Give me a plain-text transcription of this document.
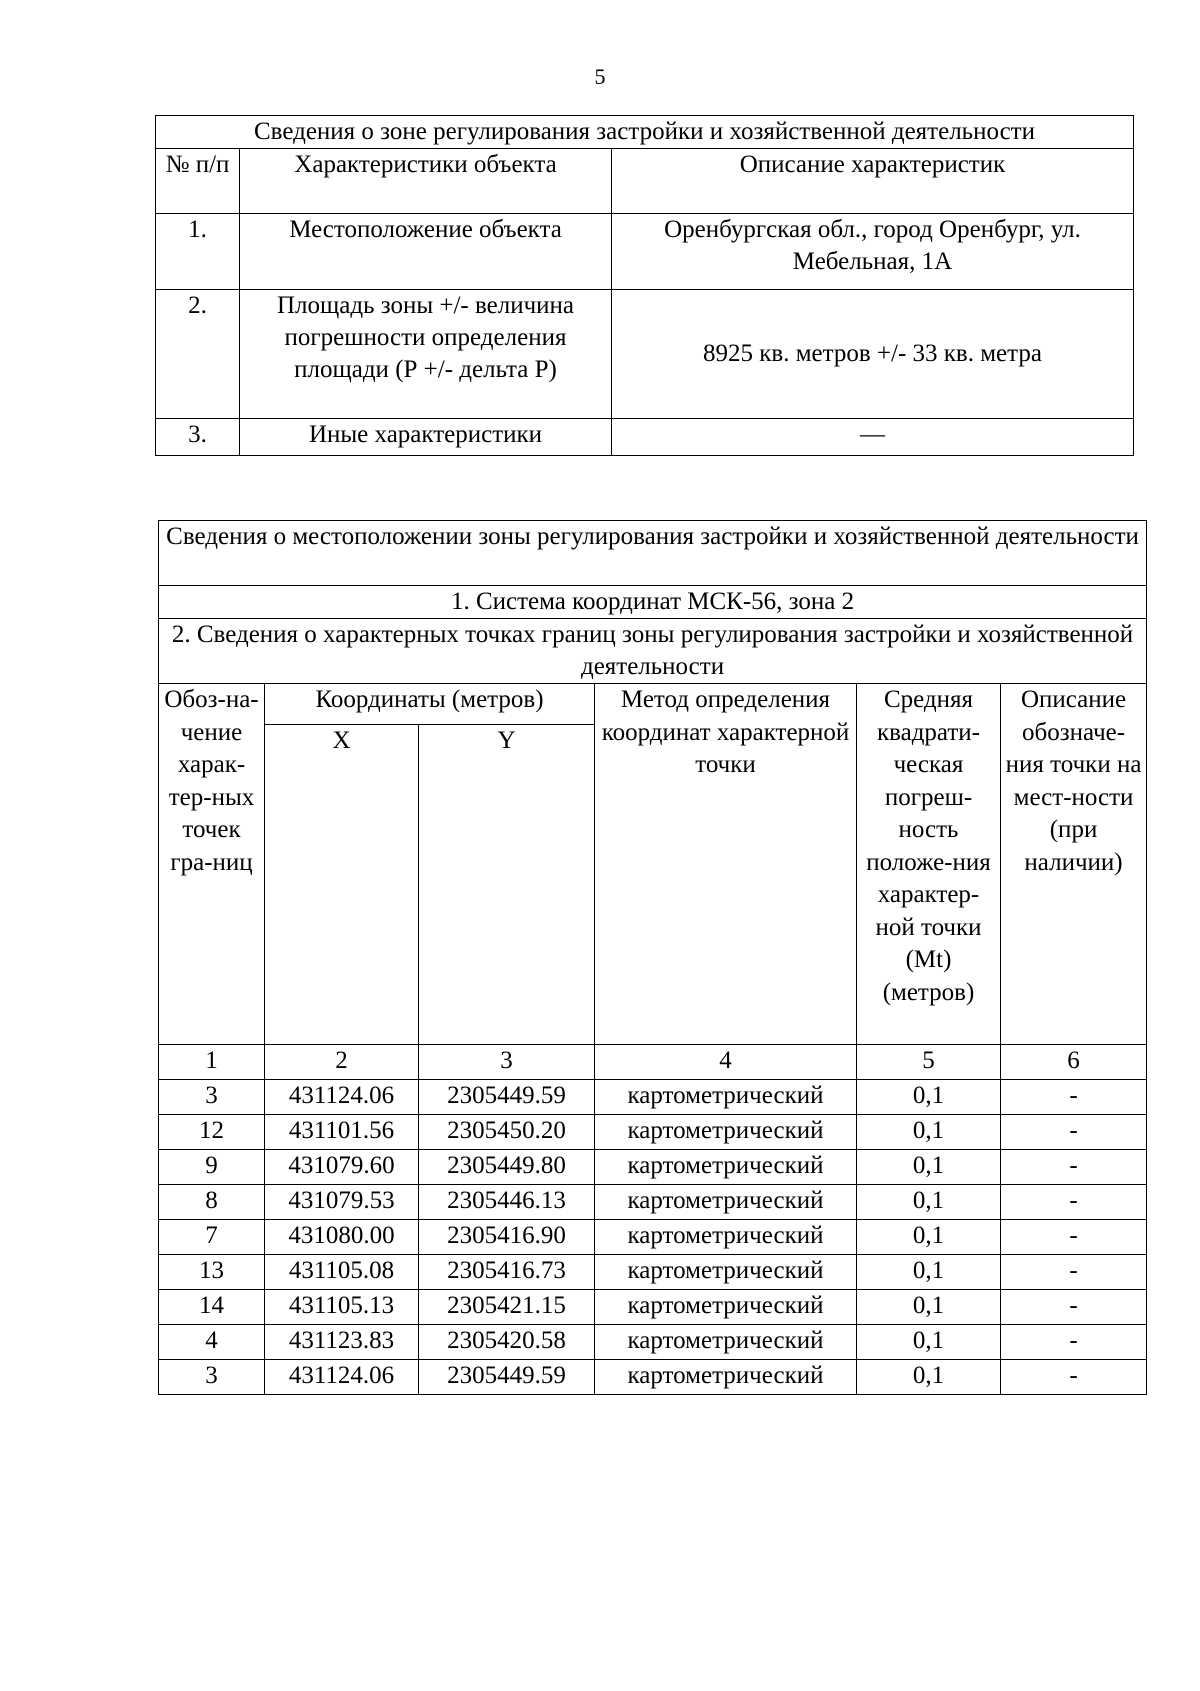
5
Сведения о зоне регулирования застройки и хозяйственной деятельности		
№ п/п	Характеристики объекта	Описание характеристик
1.	Местоположение объекта	Оренбургская обл., город Оренбург, ул. Мебельная, 1А
2.	Площадь зоны +/- величина погрешности определения площади (Р +/- дельта Р)	8925 кв. метров +/- 33 кв. метра
3.	Иные характеристики	—
Сведения о местоположении зоны регулирования застройки и хозяйственной деятельности					
1. Система координат МСК-56, зона 2					
2. Сведения о характерных точках границ зоны регулирования застройки и хозяйственной деятельности					
Обоз-на-чение харак-тер-ных точек гра-ниц	Координаты (метров)		Метод определения координат характерной точки	Средняя квадрати-ческая погреш-ность положе-ния характер-ной точки (Mt) (метров)	Описание обозначе-ния точки на мест-ности (при наличии)
	X	Y			
1	2	3	4	5	6
3	431124.06	2305449.59	картометрический	0,1	-
12	431101.56	2305450.20	картометрический	0,1	-
9	431079.60	2305449.80	картометрический	0,1	-
8	431079.53	2305446.13	картометрический	0,1	-
7	431080.00	2305416.90	картометрический	0,1	-
13	431105.08	2305416.73	картометрический	0,1	-
14	431105.13	2305421.15	картометрический	0,1	-
4	431123.83	2305420.58	картометрический	0,1	-
3	431124.06	2305449.59	картометрический	0,1	-
